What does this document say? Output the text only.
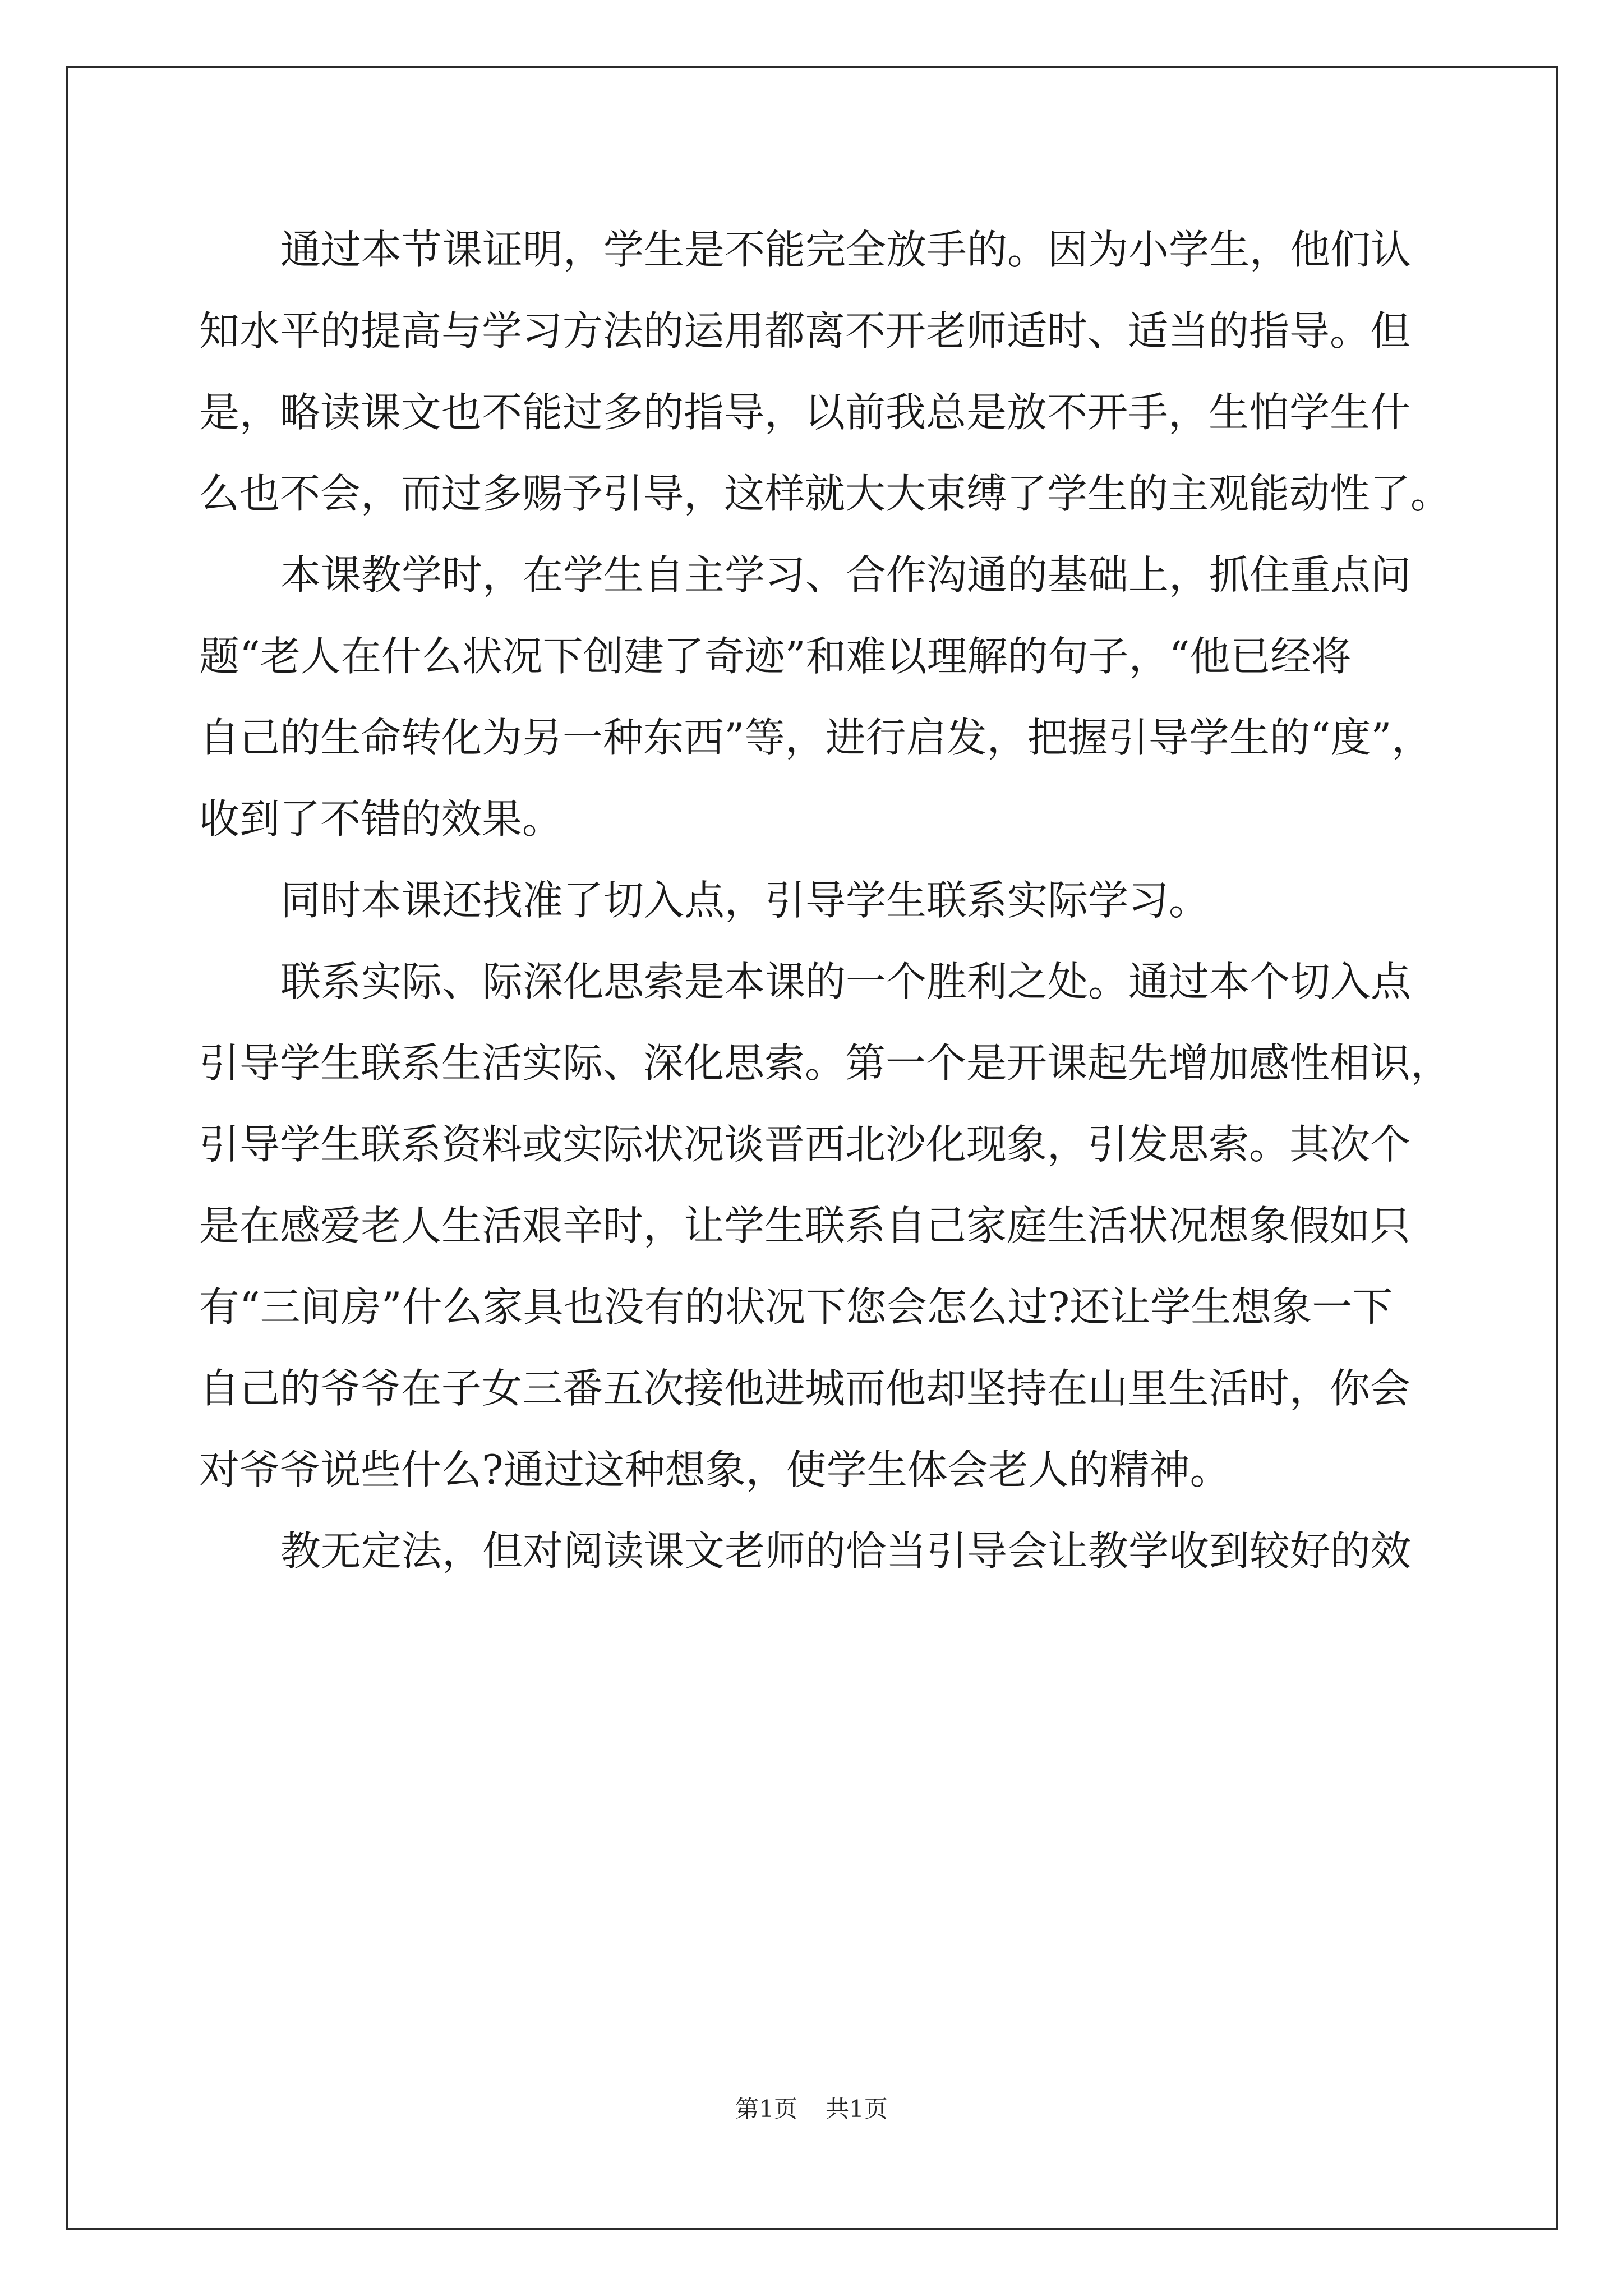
通过本节课证明，学生是不能完全放手的。因为小学生，他们认
知水平的提高与学习方法的运用都离不开老师适时、适当的指导。但
是，略读课文也不能过多的指导，以前我总是放不开手，生怕学生什
么也不会，而过多赐予引导，这样就大大束缚了学生的主观能动性了。
本课教学时，在学生自主学习、合作沟通的基础上，抓住重点问
题“老人在什么状况下创建了奇迹”和难以理解的句子，“他已经将
自己的生命转化为另一种东西”等，进行启发，把握引导学生的“度”，
收到了不错的效果。
同时本课还找准了切入点，引导学生联系实际学习。
联系实际、际深化思索是本课的一个胜利之处。通过本个切入点
引导学生联系生活实际、深化思索。第一个是开课起先增加感性相识，
引导学生联系资料或实际状况谈晋西北沙化现象，引发思索。其次个
是在感爱老人生活艰辛时，让学生联系自己家庭生活状况想象假如只
有“三间房”什么家具也没有的状况下您会怎么过?还让学生想象一下
自己的爷爷在子女三番五次接他进城而他却坚持在山里生活时，你会
对爷爷说些什么?通过这种想象，使学生体会老人的精神。
教无定法，但对阅读课文老师的恰当引导会让教学收到较好的效
第1页 共1页
